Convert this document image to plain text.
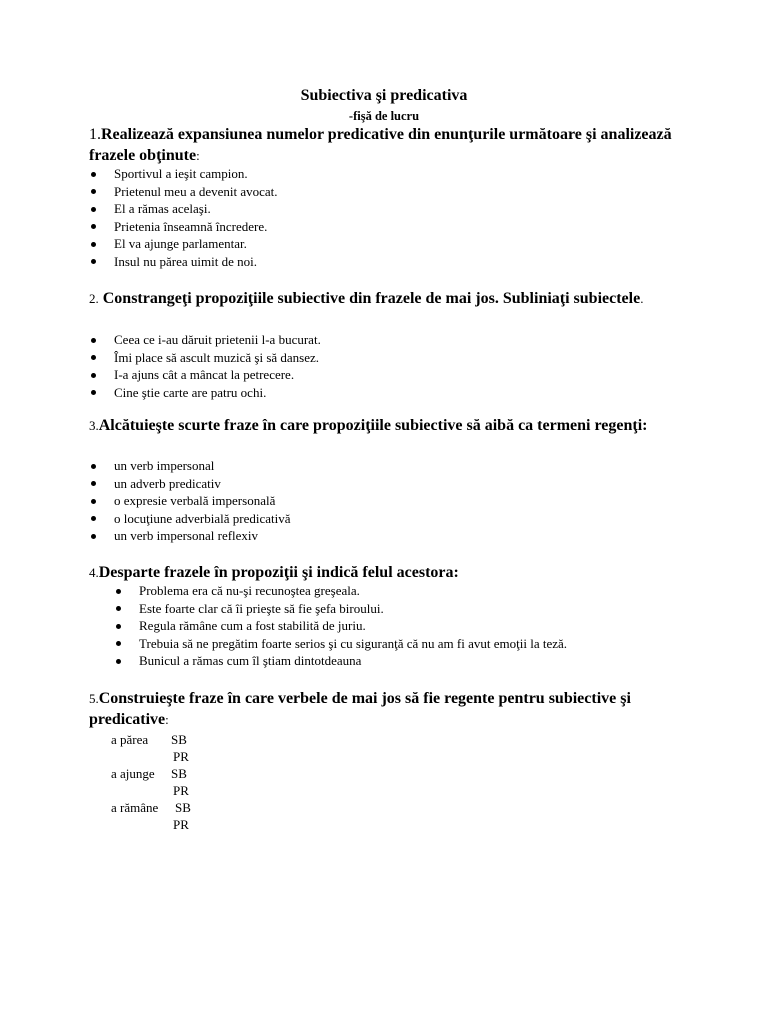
Subiectiva şi predicativa
-fişă de lucru
1.Realizează expansiunea numelor predicative din enunţurile următoare şi analizează frazele obţinute:
Sportivul a ieşit campion.
Prietenul meu a devenit avocat.
El a rămas acelaşi.
Prietenia înseamnă încredere.
El va ajunge parlamentar.
Insul nu părea uimit de noi.
2. Constrangeţi propoziţiile subiective din frazele de mai jos. Subliniaţi subiectele.
Ceea ce i-au dăruit prietenii l-a bucurat.
Îmi place să ascult muzică şi să dansez.
I-a ajuns cât a mâncat la petrecere.
Cine ştie carte are patru ochi.
3.Alcătuieşte scurte fraze în care propoziţiile subiective să aibă ca termeni regenţi:
un verb impersonal
un adverb predicativ
o expresie verbală impersonală
o locuţiune adverbială predicativă
un verb impersonal reflexiv
4.Desparte frazele în propoziţii şi indică felul acestora:
Problema era că nu-şi recunoştea greşeala.
Este foarte clar că îi prieşte să fie şefa biroului.
Regula rămâne cum a fost stabilită de juriu.
Trebuia să ne pregătim foarte serios şi cu siguranţă că nu am fi avut emoţii la teză.
Bunicul a rămas cum îl ştiam dintotdeauna
5.Construieşte fraze în care verbele de mai jos să fie regente pentru subiective şi predicative:
a părea SB
PR
a ajunge SB
PR
a rămâne SB
PR
